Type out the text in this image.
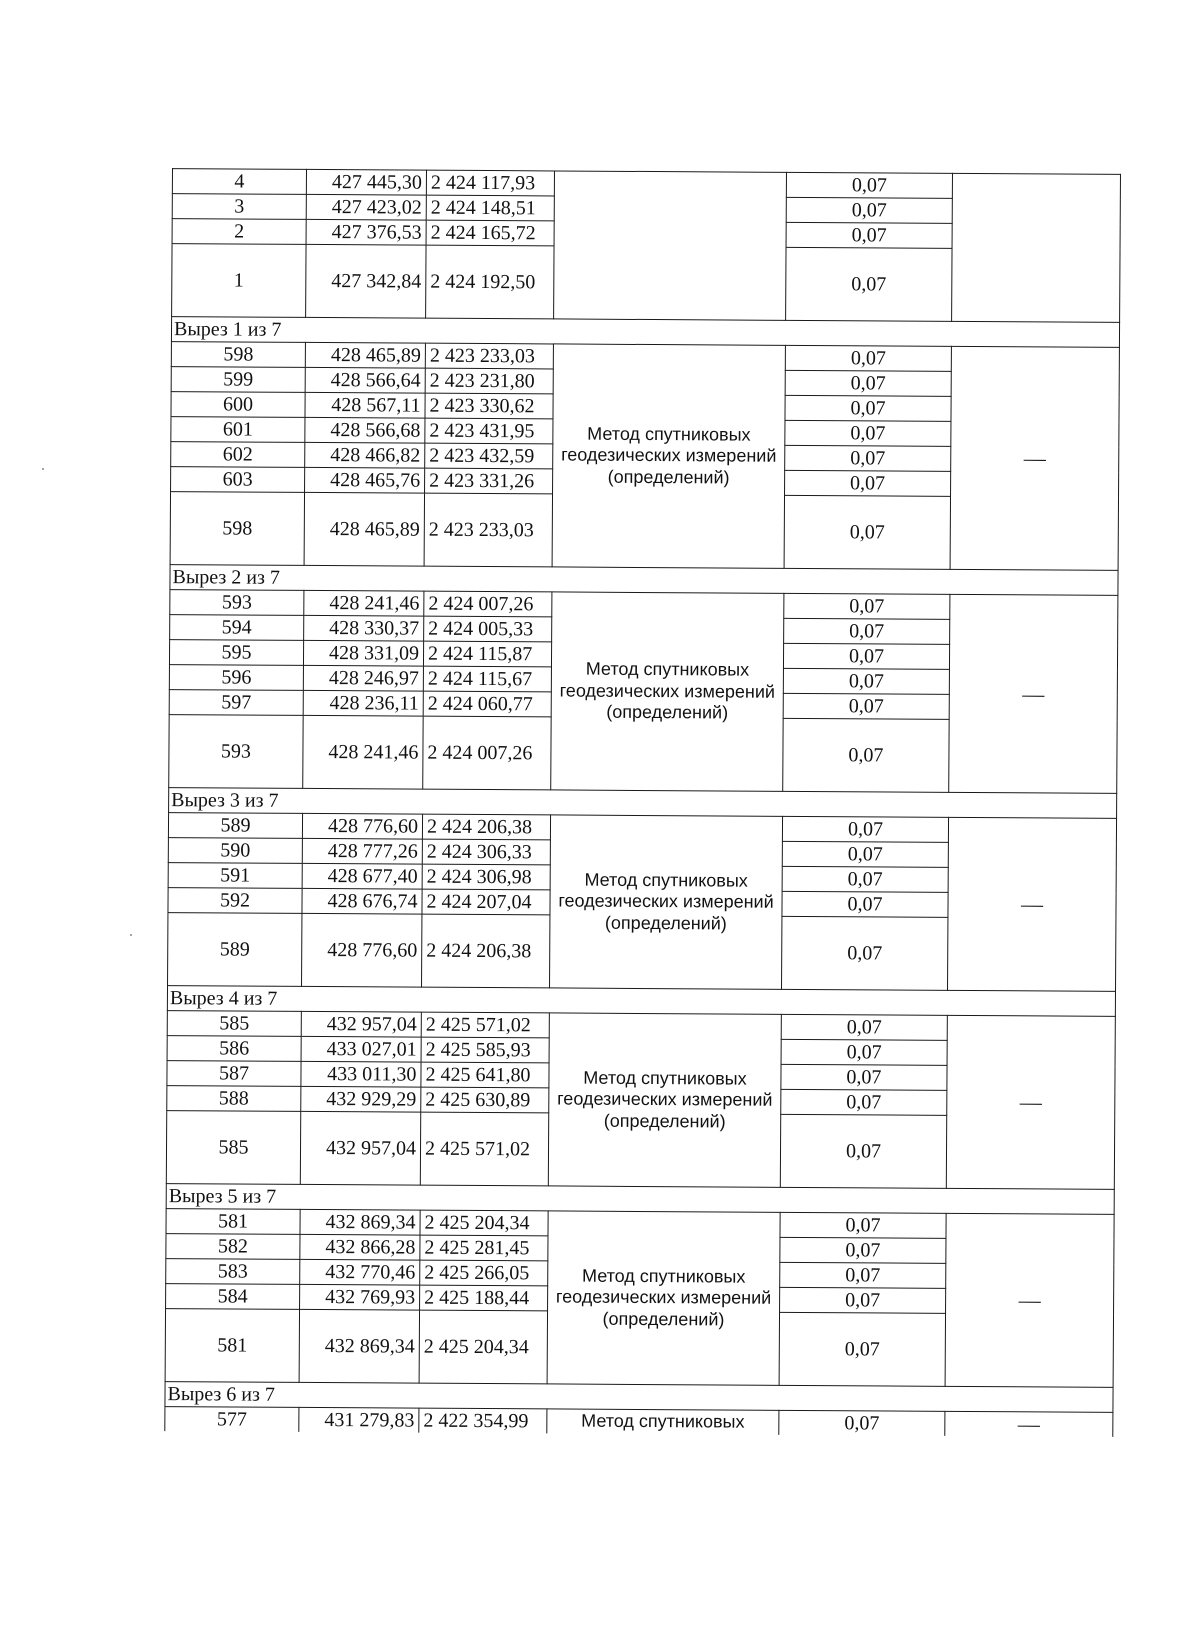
4	427 445,30	2 424 117,93		0,07	
3	427 423,02	2 424 148,51		0,07	
2	427 376,53	2 424 165,72		0,07	
1	427 342,84	2 424 192,50		0,07	
Вырез 1 из 7					
598	428 465,89	2 423 233,03	Метод спутниковых геодезических измерений (определений)	0,07	—
599	428 566,64	2 423 231,80		0,07	
600	428 567,11	2 423 330,62		0,07	
601	428 566,68	2 423 431,95		0,07	
602	428 466,82	2 423 432,59		0,07	
603	428 465,76	2 423 331,26		0,07	
598	428 465,89	2 423 233,03		0,07	
Вырез 2 из 7					
593	428 241,46	2 424 007,26	Метод спутниковых геодезических измерений (определений)	0,07	—
594	428 330,37	2 424 005,33		0,07	
595	428 331,09	2 424 115,87		0,07	
596	428 246,97	2 424 115,67		0,07	
597	428 236,11	2 424 060,77		0,07	
593	428 241,46	2 424 007,26		0,07	
Вырез 3 из 7					
589	428 776,60	2 424 206,38	Метод спутниковых геодезических измерений (определений)	0,07	—
590	428 777,26	2 424 306,33		0,07	
591	428 677,40	2 424 306,98		0,07	
592	428 676,74	2 424 207,04		0,07	
589	428 776,60	2 424 206,38		0,07	
Вырез 4 из 7					
585	432 957,04	2 425 571,02	Метод спутниковых геодезических измерений (определений)	0,07	—
586	433 027,01	2 425 585,93		0,07	
587	433 011,30	2 425 641,80		0,07	
588	432 929,29	2 425 630,89		0,07	
585	432 957,04	2 425 571,02		0,07	
Вырез 5 из 7					
581	432 869,34	2 425 204,34	Метод спутниковых геодезических измерений (определений)	0,07	—
582	432 866,28	2 425 281,45		0,07	
583	432 770,46	2 425 266,05		0,07	
584	432 769,93	2 425 188,44		0,07	
581	432 869,34	2 425 204,34		0,07	
Вырез 6 из 7					
577	431 279,83	2 422 354,99	Метод спутниковых	0,07	—
